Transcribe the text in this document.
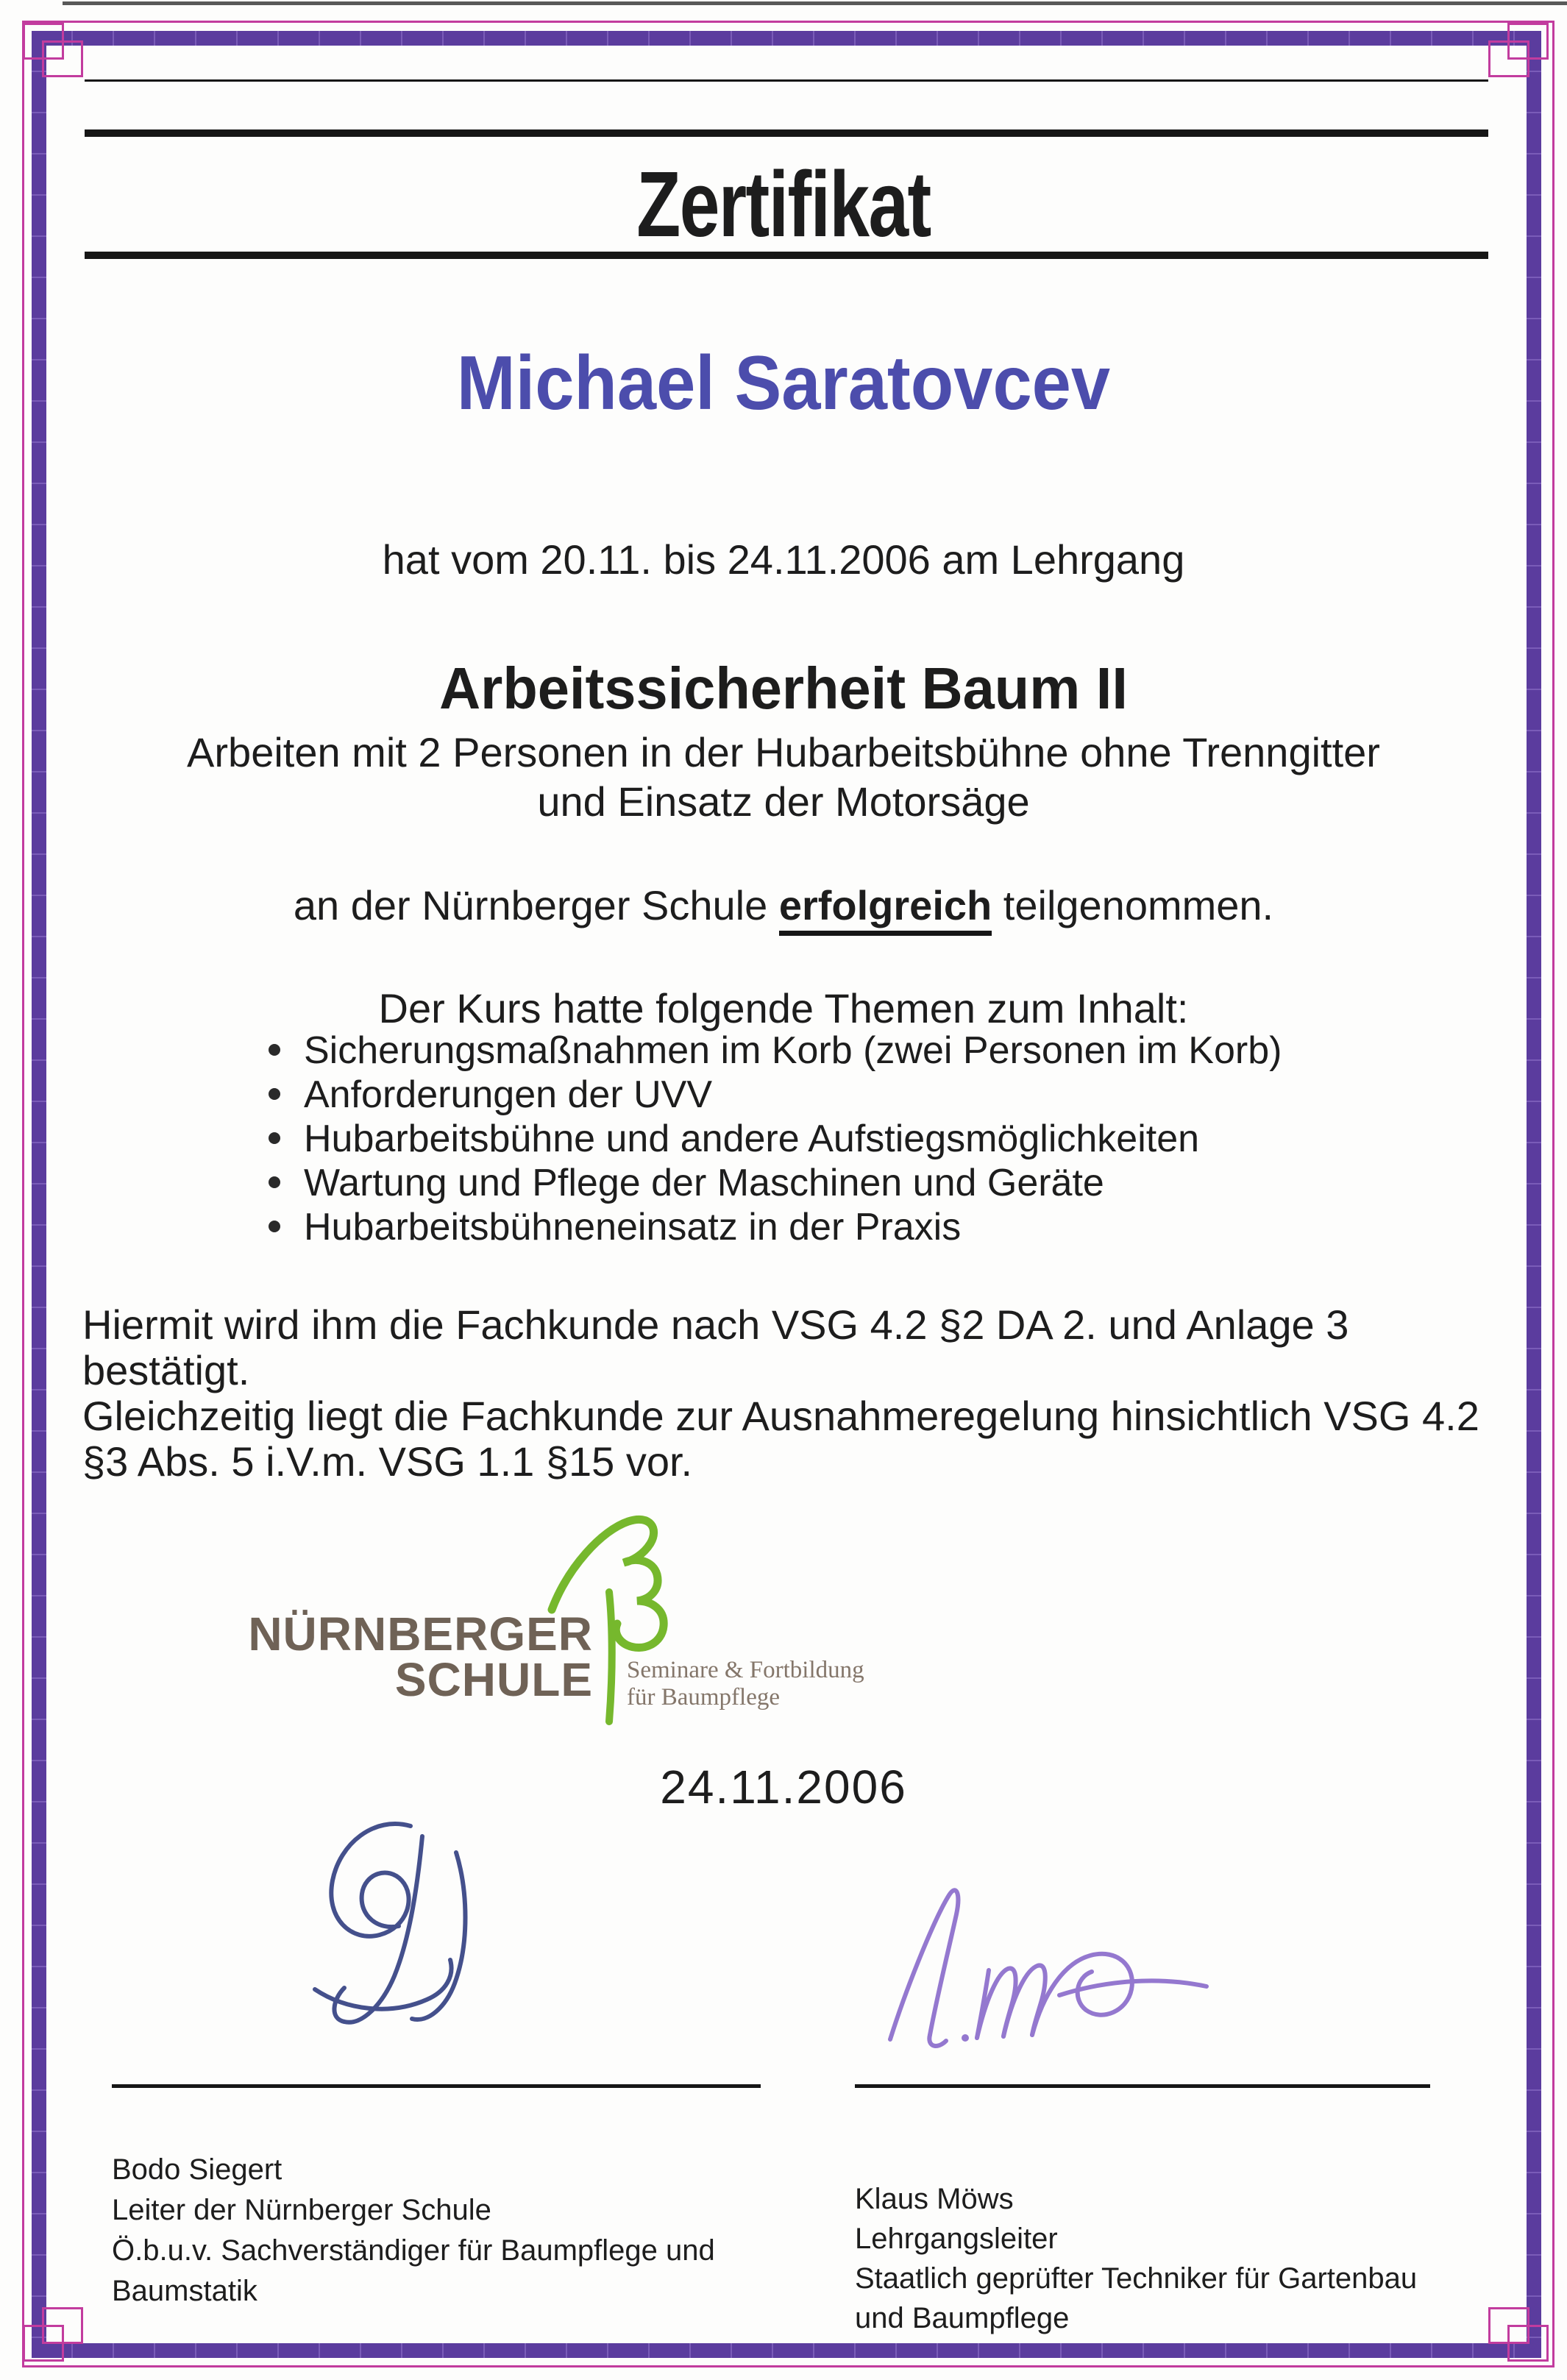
Zertifikat
Michael Saratovcev
hat vom 20.11. bis 24.11.2006 am Lehrgang
Arbeitssicherheit Baum II
Arbeiten mit 2 Personen in der Hubarbeitsbühne ohne Trenngitter
und Einsatz der Motorsäge
an der Nürnberger Schule erfolgreich teilgenommen.
Der Kurs hatte folgende Themen zum Inhalt:
Sicherungsmaßnahmen im Korb (zwei Personen im Korb)
Anforderungen der UVV
Hubarbeitsbühne und andere Aufstiegsmöglichkeiten
Wartung und Pflege der Maschinen und Geräte
Hubarbeitsbühneneinsatz in der Praxis
Hiermit wird ihm die Fachkunde nach VSG 4.2 §2 DA 2. und Anlage 3
bestätigt.
Gleichzeitig liegt die Fachkunde zur Ausnahmeregelung hinsichtlich VSG 4.2
§3 Abs. 5 i.V.m. VSG 1.1 §15 vor.
NÜRNBERGER
SCHULE Seminare & Fortbildung
für Baumpflege
24.11.2006
Bodo Siegert
Leiter der Nürnberger Schule
Ö.b.u.v. Sachverständiger für Baumpflege und
Baumstatik
Klaus Möws
Lehrgangsleiter
Staatlich geprüfter Techniker für Gartenbau
und Baumpflege
